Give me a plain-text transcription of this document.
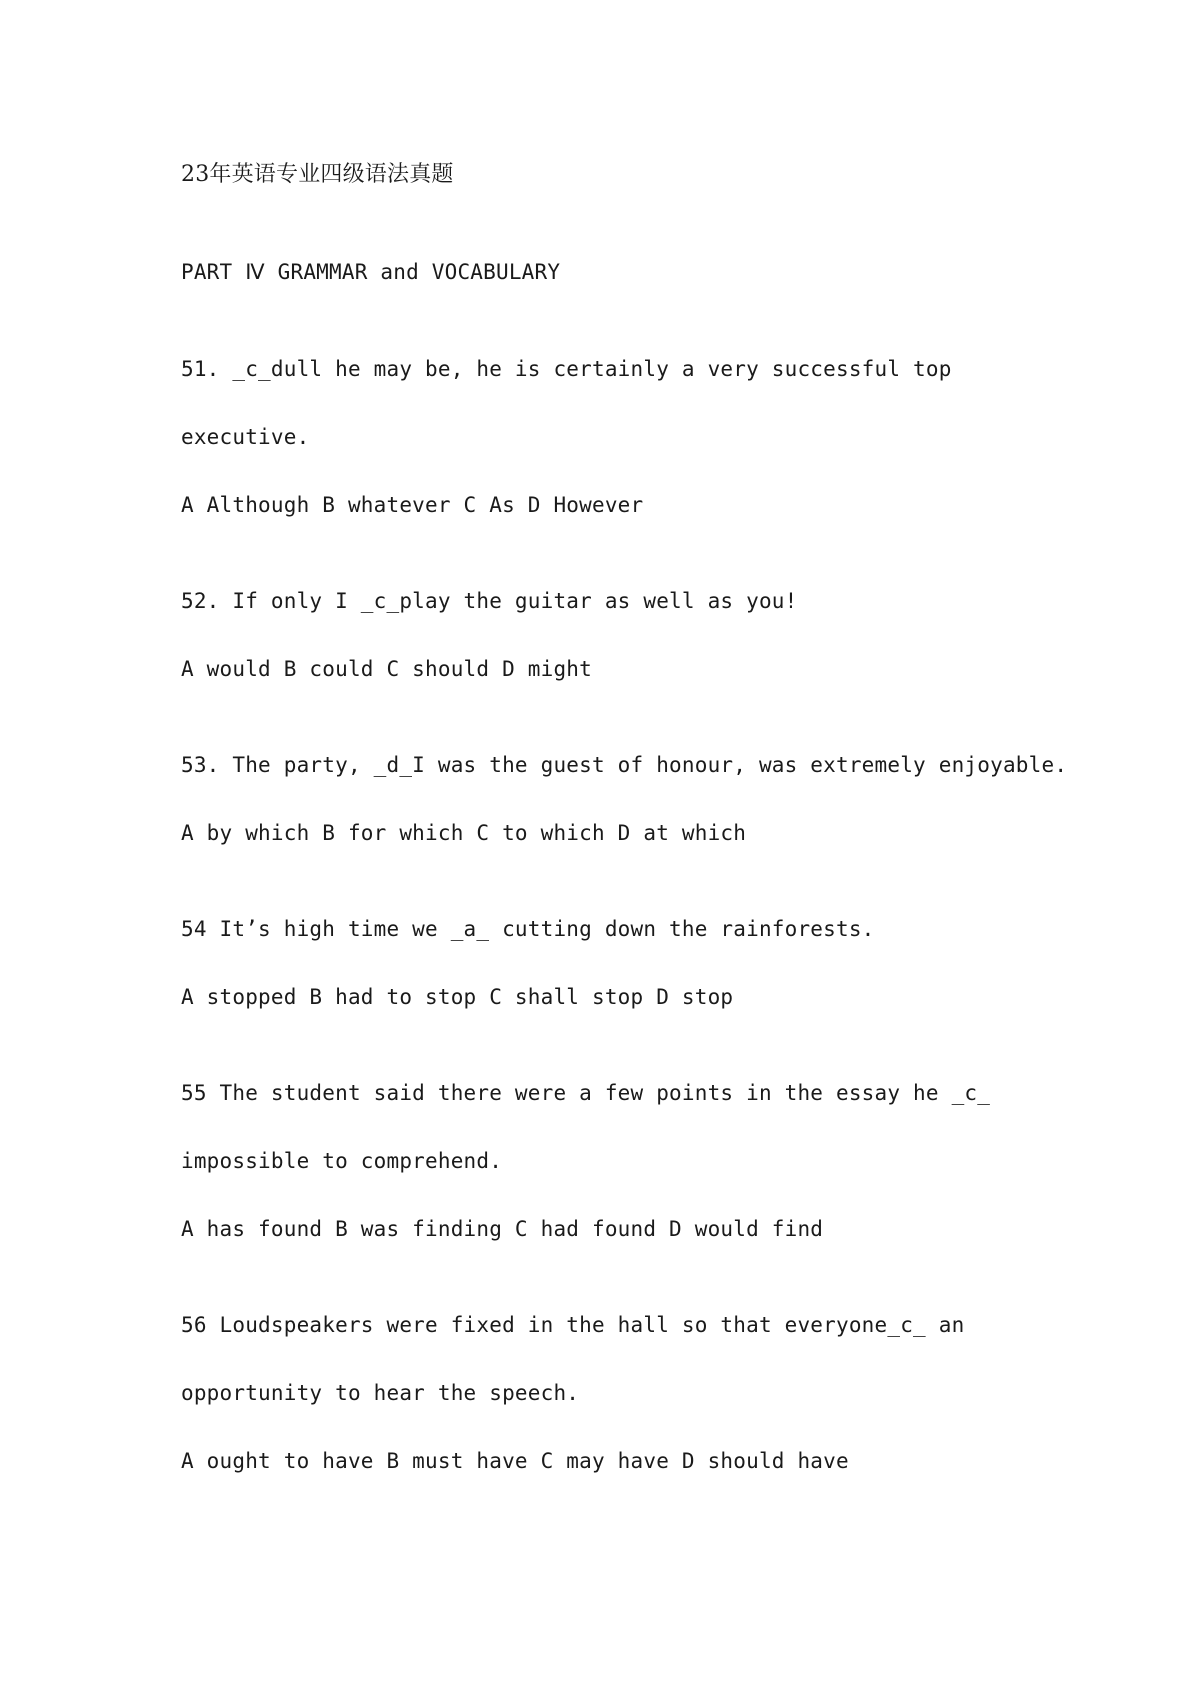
23年英语专业四级语法真题
PART Ⅳ GRAMMAR and VOCABULARY
51. _c_dull he may be, he is certainly a very successful top
executive.
A Although B whatever C As D However
52. If only I _c_play the guitar as well as you!
A would B could C should D might
53. The party, _d_I was the guest of honour, was extremely enjoyable.
A by which B for which C to which D at which
54 It’s high time we _a_ cutting down the rainforests.
A stopped B had to stop C shall stop D stop
55 The student said there were a few points in the essay he _c_
impossible to comprehend.
A has found B was finding C had found D would find
56 Loudspeakers were fixed in the hall so that everyone_c_ an
opportunity to hear the speech.
A ought to have B must have C may have D should have
